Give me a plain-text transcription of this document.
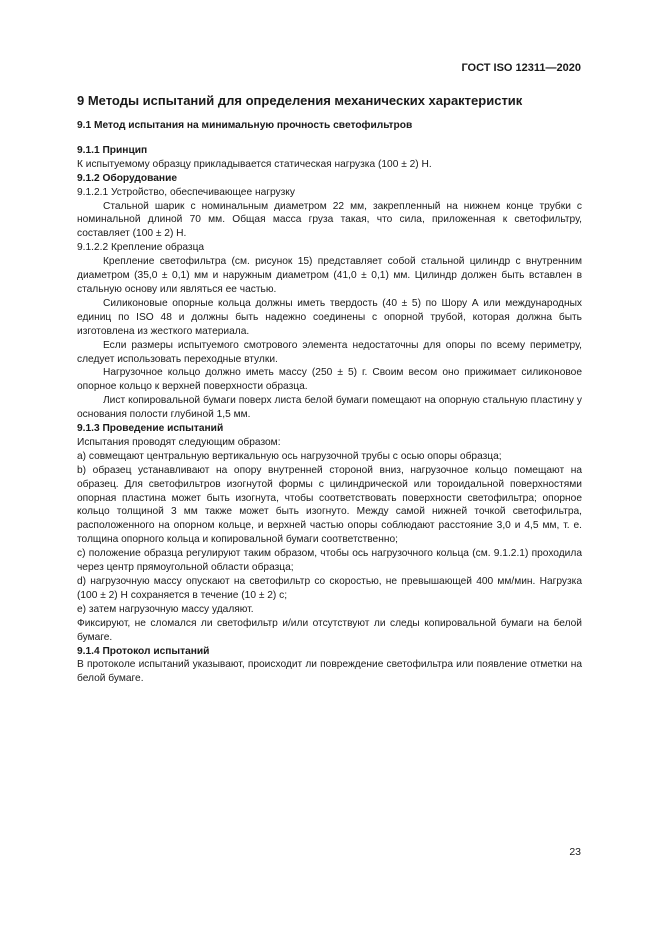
ГОСТ ISO 12311—2020
9 Методы испытаний для определения механических характеристик
9.1 Метод испытания на минимальную прочность светофильтров
9.1.1 Принцип

К испытуемому образцу прикладывается статическая нагрузка (100 ± 2) Н.

9.1.2 Оборудование

9.1.2.1 Устройство, обеспечивающее нагрузку

Стальной шарик с номинальным диаметром 22 мм, закрепленный на нижнем конце трубки с номинальной длиной 70 мм. Общая масса груза такая, что сила, приложенная к светофильтру, составляет (100 ± 2) Н.

9.1.2.2 Крепление образца

Крепление светофильтра (см. рисунок 15) представляет собой стальной цилиндр с внутренним диаметром (35,0 ± 0,1) мм и наружным диаметром (41,0 ± 0,1) мм. Цилиндр должен быть вставлен в стальную основу или являться ее частью.

Силиконовые опорные кольца должны иметь твердость (40 ± 5) по Шору А или международных единиц по ISO 48 и должны быть надежно соединены с опорной трубой, которая должна быть изготовлена из жесткого материала.

Если размеры испытуемого смотрового элемента недостаточны для опоры по всему периметру, следует использовать переходные втулки.

Нагрузочное кольцо должно иметь массу (250 ± 5) г. Своим весом оно прижимает силиконовое опорное кольцо к верхней поверхности образца.

Лист копировальной бумаги поверх листа белой бумаги помещают на опорную стальную пластину у основания полости глубиной 1,5 мм.

9.1.3 Проведение испытаний

Испытания проводят следующим образом:

а) совмещают центральную вертикальную ось нагрузочной трубы с осью опоры образца;

b) образец устанавливают на опору внутренней стороной вниз, нагрузочное кольцо помещают на образец. Для светофильтров изогнутой формы с цилиндрической или тороидальной поверхностями опорная пластина может быть изогнута, чтобы соответствовать поверхности светофильтра; опорное кольцо толщиной 3 мм также может быть изогнуто. Между самой нижней точкой светофильтра, расположенного на опорном кольце, и верхней частью опоры соблюдают расстояние 3,0 и 4,5 мм, т. е. толщина опорного кольца и копировальной бумаги соответственно;

с) положение образца регулируют таким образом, чтобы ось нагрузочного кольца (см. 9.1.2.1) проходила через центр прямоугольной области образца;

d) нагрузочную массу опускают на светофильтр со скоростью, не превышающей 400 мм/мин. Нагрузка (100 ± 2) Н сохраняется в течение (10 ± 2) с;

е) затем нагрузочную массу удаляют.

Фиксируют, не сломался ли светофильтр и/или отсутствуют ли следы копировальной бумаги на белой бумаге.

9.1.4 Протокол испытаний

В протоколе испытаний указывают, происходит ли повреждение светофильтра или появление отметки на белой бумаге.

23
